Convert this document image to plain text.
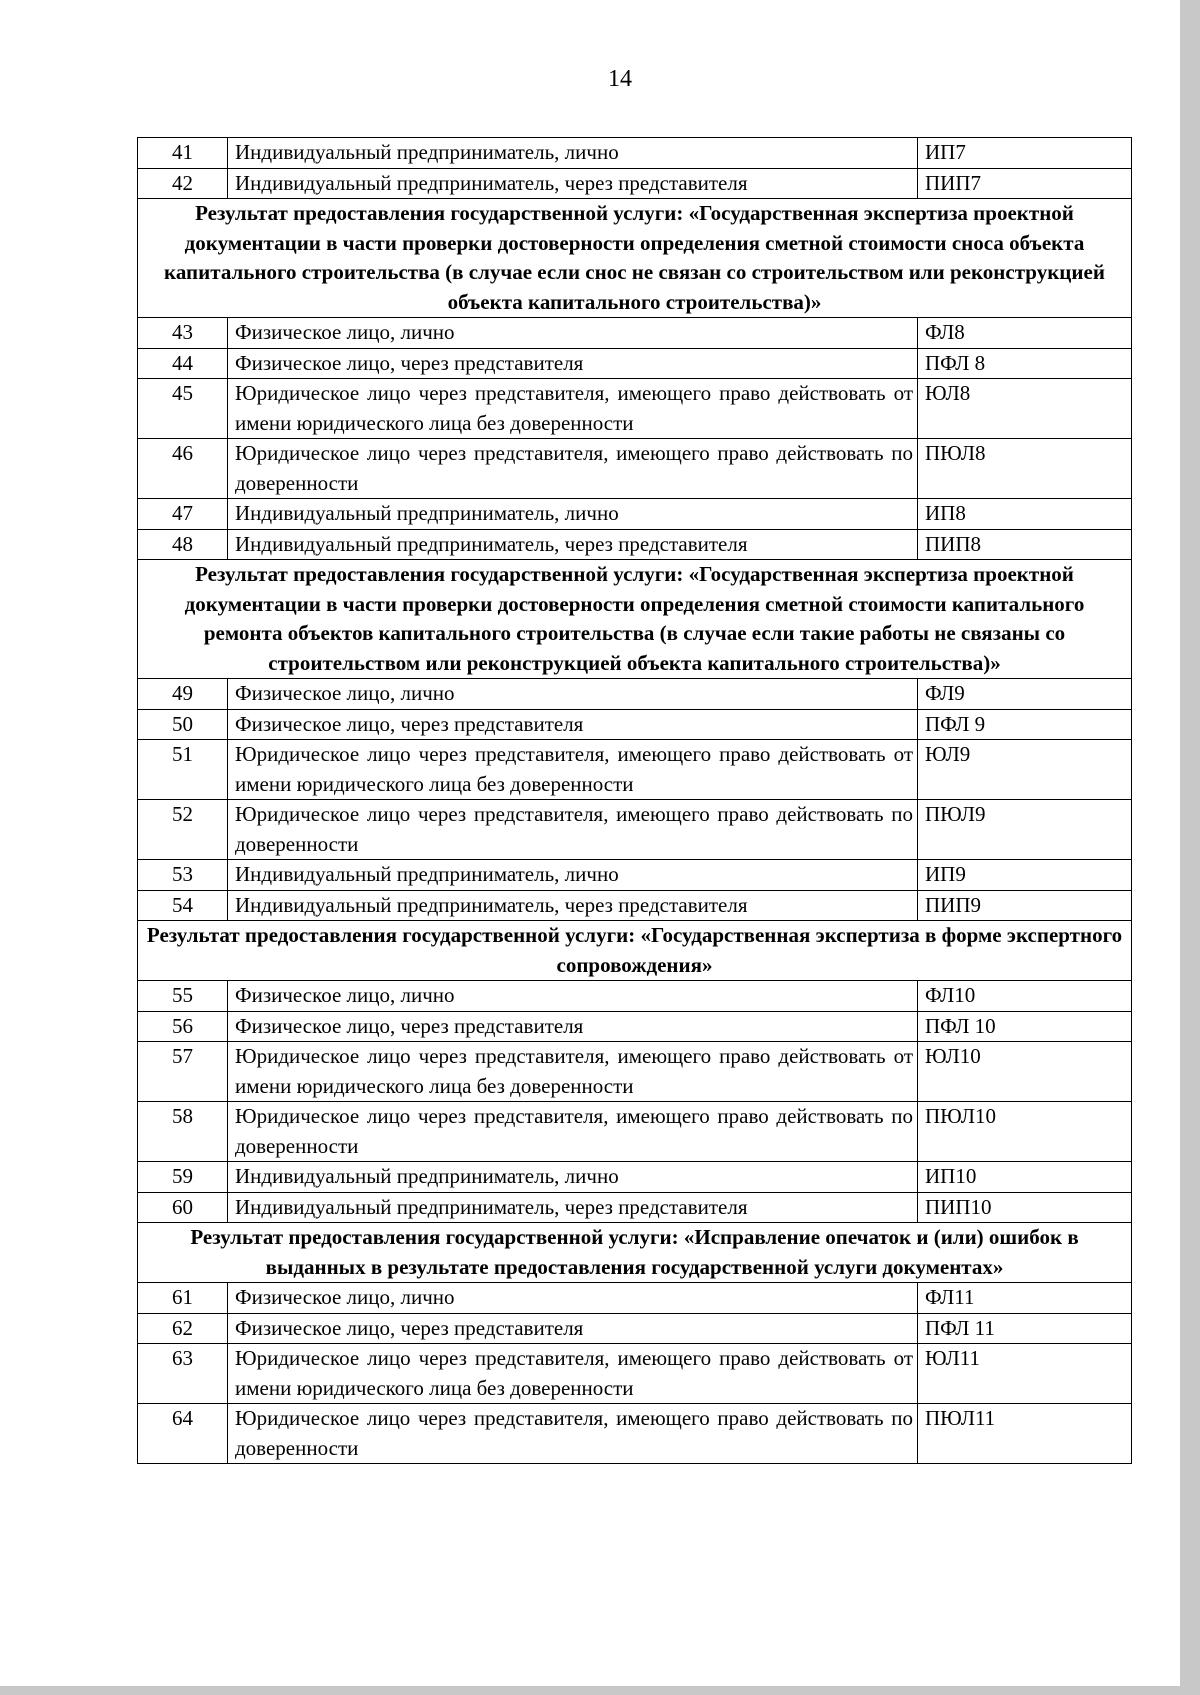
14
41	Индивидуальный предприниматель, лично	ИП7
42	Индивидуальный предприниматель, через представителя	ПИП7
Результат предоставления государственной услуги: «Государственная экспертиза проектной документации в части проверки достоверности определения сметной стоимости сноса объекта капитального строительства (в случае если снос не связан со строительством или реконструкцией объекта капитального строительства)»		
43	Физическое лицо, лично	ФЛ8
44	Физическое лицо, через представителя	ПФЛ 8
45	Юридическое лицо через представителя, имеющего право действовать от имени юридического лица без доверенности	ЮЛ8
46	Юридическое лицо через представителя, имеющего право действовать по доверенности	ПЮЛ8
47	Индивидуальный предприниматель, лично	ИП8
48	Индивидуальный предприниматель, через представителя	ПИП8
Результат предоставления государственной услуги: «Государственная экспертиза проектной документации в части проверки достоверности определения сметной стоимости капитального ремонта объектов капитального строительства (в случае если такие работы не связаны со строительством или реконструкцией объекта капитального строительства)»		
49	Физическое лицо, лично	ФЛ9
50	Физическое лицо, через представителя	ПФЛ 9
51	Юридическое лицо через представителя, имеющего право действовать от имени юридического лица без доверенности	ЮЛ9
52	Юридическое лицо через представителя, имеющего право действовать по доверенности	ПЮЛ9
53	Индивидуальный предприниматель, лично	ИП9
54	Индивидуальный предприниматель, через представителя	ПИП9
Результат предоставления государственной услуги: «Государственная экспертиза в форме экспертного сопровождения»		
55	Физическое лицо, лично	ФЛ10
56	Физическое лицо, через представителя	ПФЛ 10
57	Юридическое лицо через представителя, имеющего право действовать от имени юридического лица без доверенности	ЮЛ10
58	Юридическое лицо через представителя, имеющего право действовать по доверенности	ПЮЛ10
59	Индивидуальный предприниматель, лично	ИП10
60	Индивидуальный предприниматель, через представителя	ПИП10
Результат предоставления государственной услуги: «Исправление опечаток и (или) ошибок в выданных в результате предоставления государственной услуги документах»		
61	Физическое лицо, лично	ФЛ11
62	Физическое лицо, через представителя	ПФЛ 11
63	Юридическое лицо через представителя, имеющего право действовать от имени юридического лица без доверенности	ЮЛ11
64	Юридическое лицо через представителя, имеющего право действовать по доверенности	ПЮЛ11
